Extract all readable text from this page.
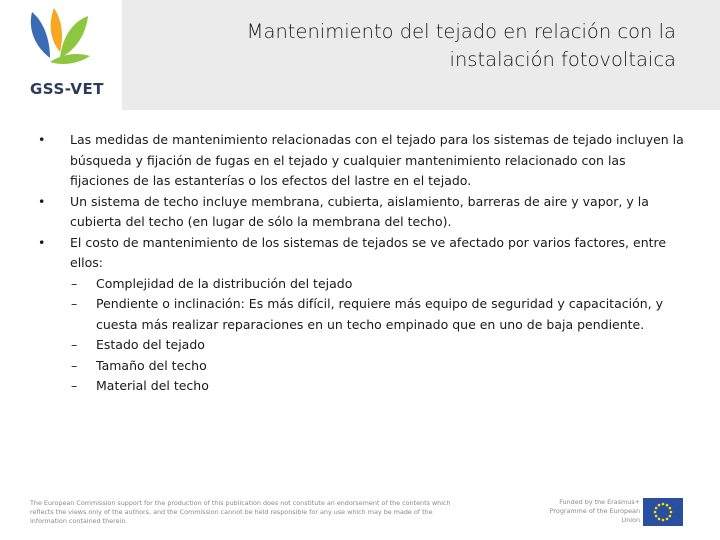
GSS-VET
Mantenimiento del tejado en relación con la instalación fotovoltaica
• Las medidas de mantenimiento relacionadas con el tejado para los sistemas de tejado incluyen la búsqueda y fijación de fugas en el tejado y cualquier mantenimiento relacionado con las fijaciones de las estanterías o los efectos del lastre en el tejado.
• Un sistema de techo incluye membrana, cubierta, aislamiento, barreras de aire y vapor, y la cubierta del techo (en lugar de sólo la membrana del techo).
• El costo de mantenimiento de los sistemas de tejados se ve afectado por varios factores, entre ellos:
– Complejidad de la distribución del tejado
– Pendiente o inclinación: Es más difícil, requiere más equipo de seguridad y capacitación, y cuesta más realizar reparaciones en un techo empinado que en uno de baja pendiente.
– Estado del tejado
– Tamaño del techo
– Material del techo
The European Commission support for the production of this publication does not constitute an endorsement of the contents which reflects the views only of the authors, and the Commission cannot be held responsible for any use which may be made of the information contained therein.
Funded by the Erasmus+ Programme of the European Union
